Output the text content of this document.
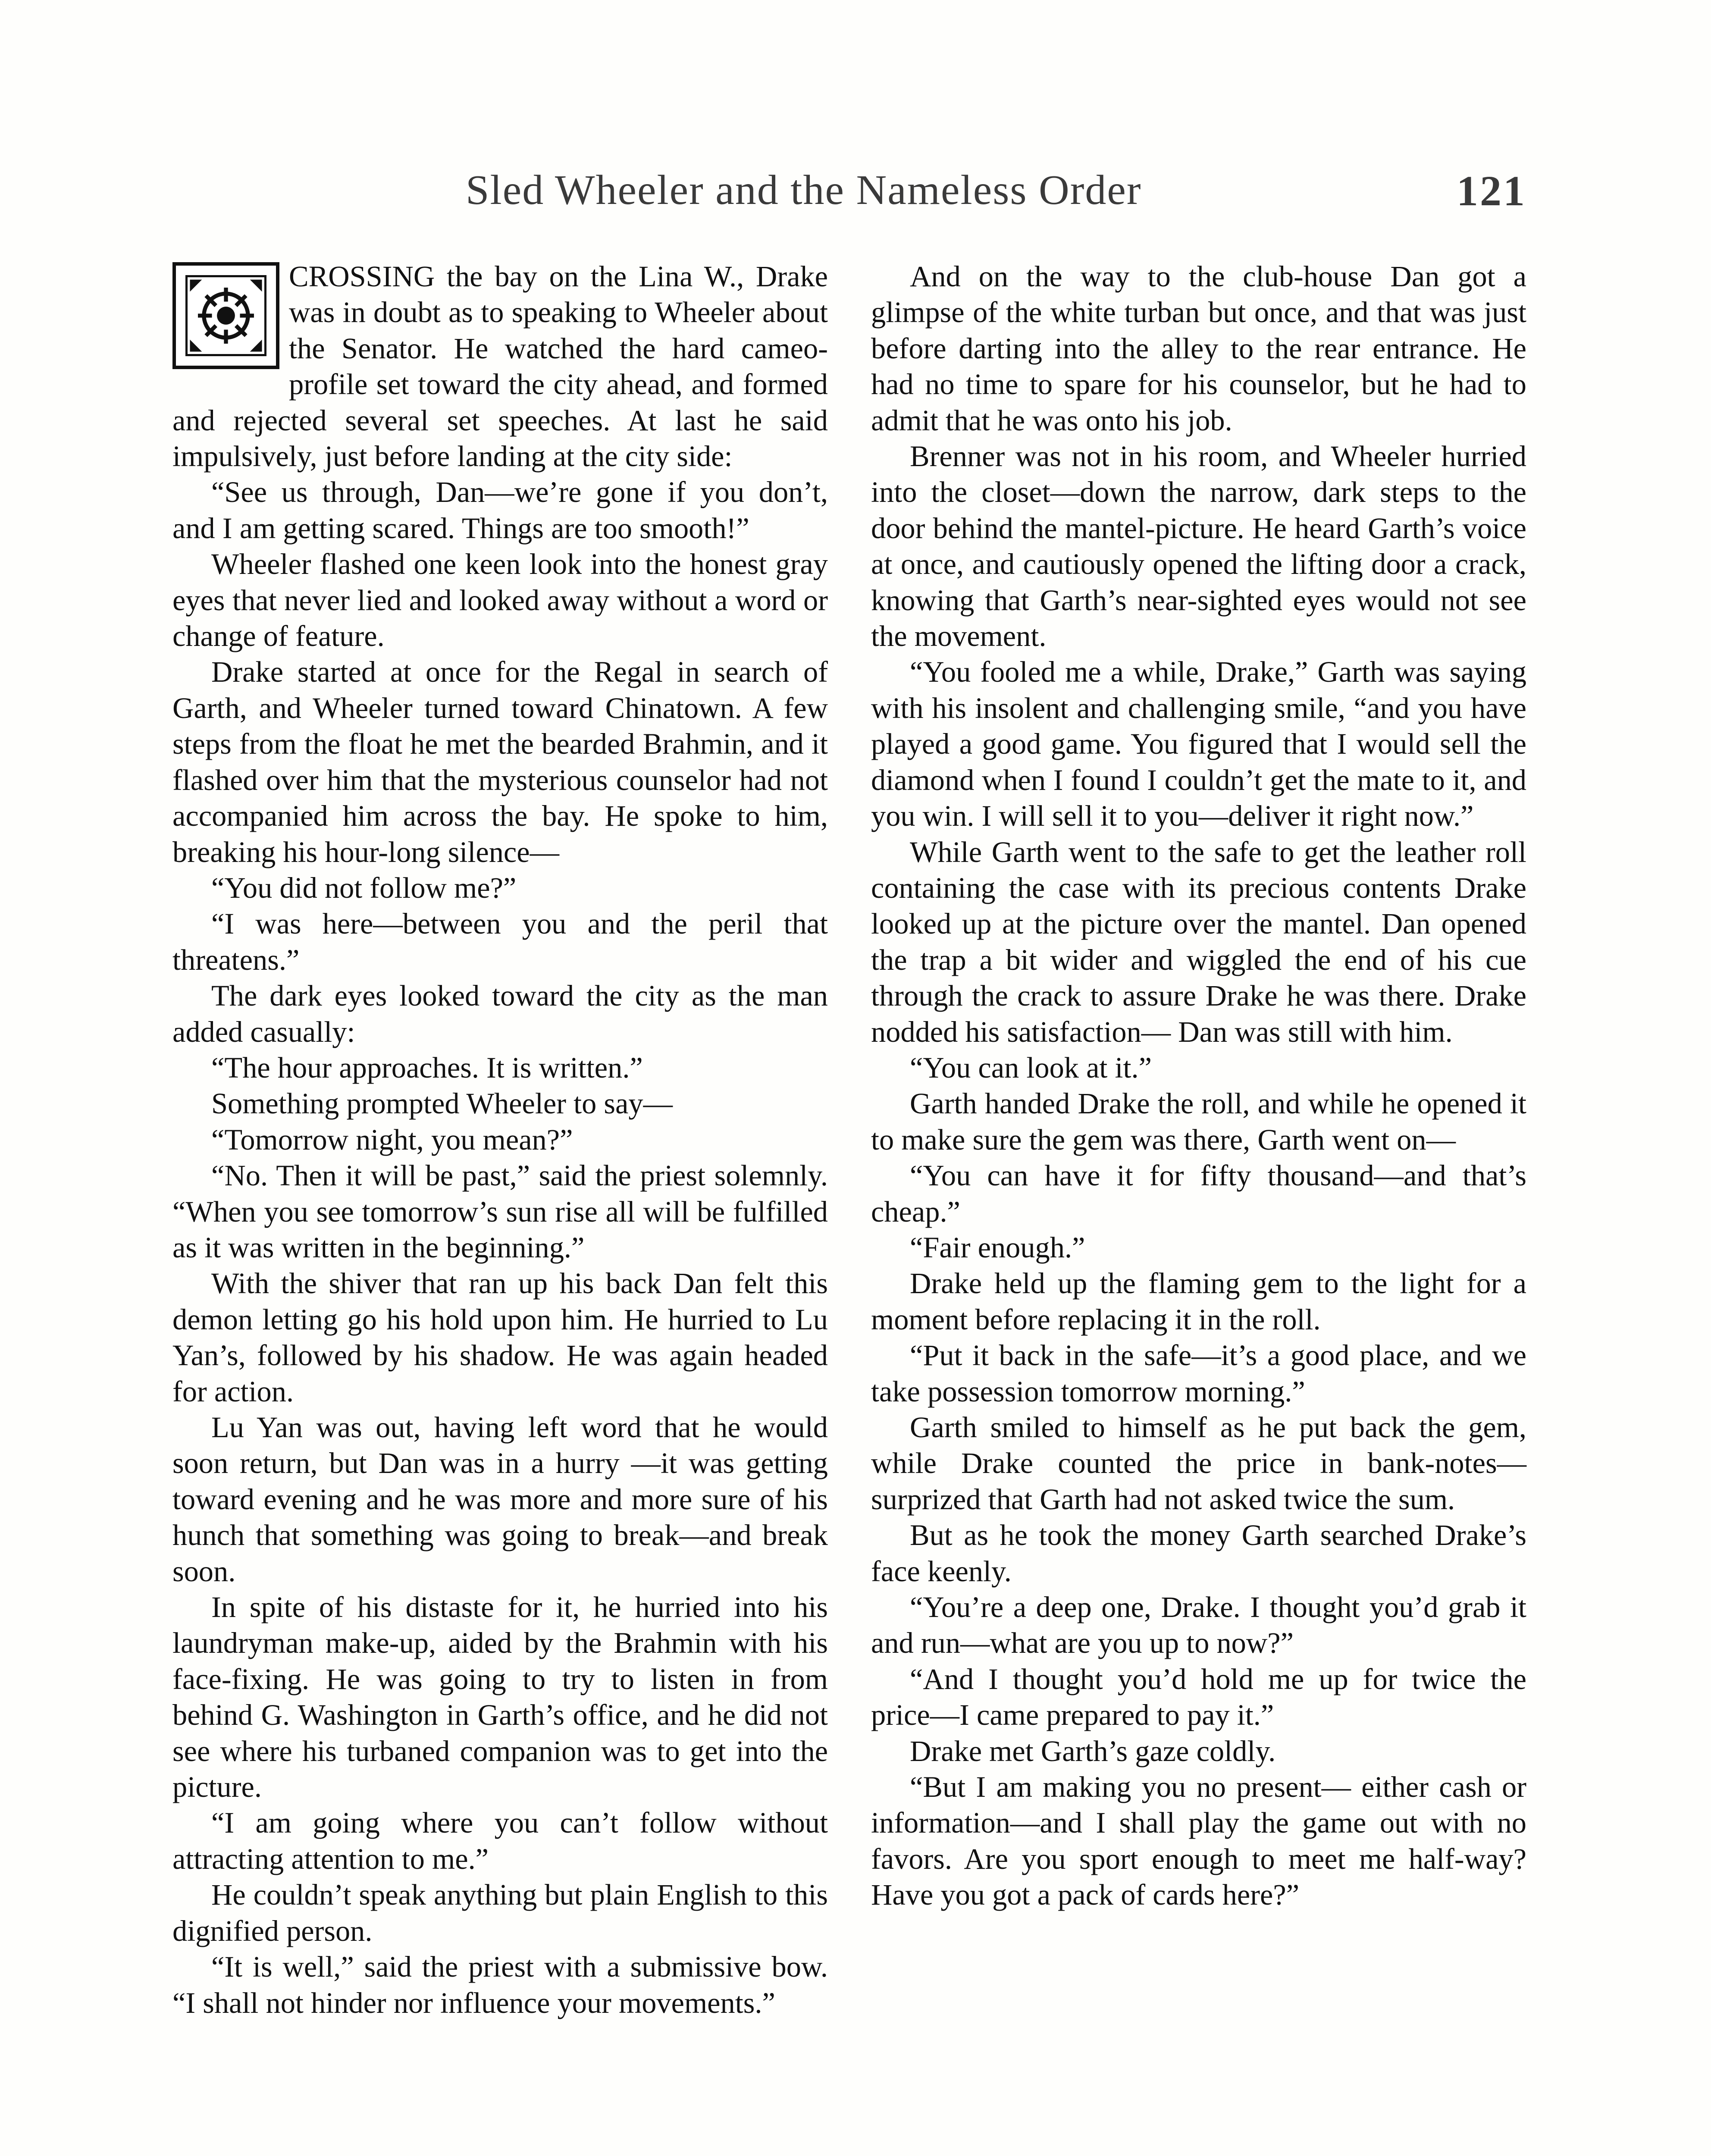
Sled Wheeler and the Nameless Order	121

CROSSING the bay on the Lina W., Drake was in doubt as to speaking to Wheeler about the Senator. He watched the hard cameo-profile set toward the city ahead, and formed and rejected several set speeches. At last he said impulsively, just before landing at the city side:

“See us through, Dan—we’re gone if you don’t, and I am getting scared. Things are too smooth!”

Wheeler flashed one keen look into the honest gray eyes that never lied and looked away without a word or change of feature.

Drake started at once for the Regal in search of Garth, and Wheeler turned toward Chinatown. A few steps from the float he met the bearded Brahmin, and it flashed over him that the mysterious counselor had not accompanied him across the bay. He spoke to him, breaking his hour-long silence—

“You did not follow me?”

“I was here—between you and the peril that threatens.”

The dark eyes looked toward the city as the man added casually:

“The hour approaches. It is written.”

Something prompted Wheeler to say—

“Tomorrow night, you mean?”

“No. Then it will be past,” said the priest solemnly. “When you see tomorrow’s sun rise all will be fulfilled as it was written in the beginning.”

With the shiver that ran up his back Dan felt this demon letting go his hold upon him. He hurried to Lu Yan’s, followed by his shadow. He was again headed for action.

Lu Yan was out, having left word that he would soon return, but Dan was in a hurry —it was getting toward evening and he was more and more sure of his hunch that something was going to break—and break soon.

In spite of his distaste for it, he hurried into his laundryman make-up, aided by the Brahmin with his face-fixing. He was going to try to listen in from behind G. Washington in Garth’s office, and he did not see where his turbaned companion was to get into the picture.

“I am going where you can’t follow without attracting attention to me.”

He couldn’t speak anything but plain English to this dignified person.

“It is well,” said the priest with a submissive bow. “I shall not hinder nor influence your movements.”

And on the way to the club-house Dan got a glimpse of the white turban but once, and that was just before darting into the alley to the rear entrance. He had no time to spare for his counselor, but he had to admit that he was onto his job.

Brenner was not in his room, and Wheeler hurried into the closet—down the narrow, dark steps to the door behind the mantel-picture. He heard Garth’s voice at once, and cautiously opened the lifting door a crack, knowing that Garth’s near-sighted eyes would not see the movement.

“You fooled me a while, Drake,” Garth was saying with his insolent and challenging smile, “and you have played a good game. You figured that I would sell the diamond when I found I couldn’t get the mate to it, and you win. I will sell it to you—deliver it right now.”

While Garth went to the safe to get the leather roll containing the case with its precious contents Drake looked up at the picture over the mantel. Dan opened the trap a bit wider and wiggled the end of his cue through the crack to assure Drake he was there. Drake nodded his satisfaction— Dan was still with him.

“You can look at it.”

Garth handed Drake the roll, and while he opened it to make sure the gem was there, Garth went on—

“You can have it for fifty thousand—and that’s cheap.”

“Fair enough.”

Drake held up the flaming gem to the light for a moment before replacing it in the roll.

“Put it back in the safe—it’s a good place, and we take possession tomorrow morning.”

Garth smiled to himself as he put back the gem, while Drake counted the price in bank-notes—surprized that Garth had not asked twice the sum.

But as he took the money Garth searched Drake’s face keenly.

“You’re a deep one, Drake. I thought you’d grab it and run—what are you up to now?”

“And I thought you’d hold me up for twice the price—I came prepared to pay it.”

Drake met Garth’s gaze coldly.

“But I am making you no present— either cash or information—and I shall play the game out with no favors. Are you sport enough to meet me half-way? Have you got a pack of cards here?”
